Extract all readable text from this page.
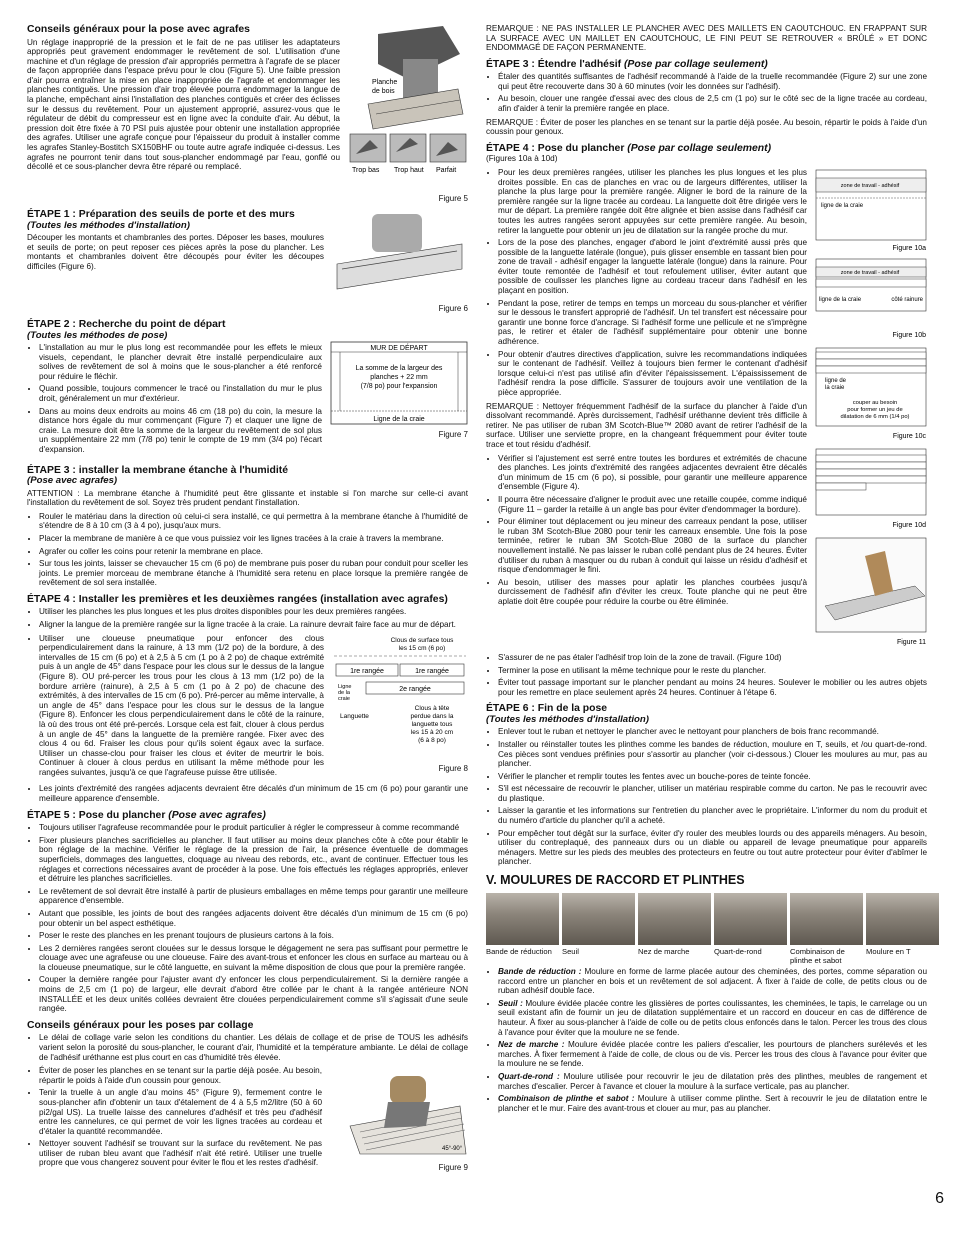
Conseils généraux pour la pose avec agrafes

Un réglage inapproprié de la pression et le fait de ne pas utiliser les adaptateurs appropriés peut gravement endommager le revêtement de sol. L'utilisation d'une machine et d'un réglage de pression d'air appropriés permettra à l'agrafe de se placer de façon appropriée dans l'espace prévu pour le clou (Figure 5). Une faible pression d'air pourra entraîner la mise en place inappropriée de l'agrafe et endommager les planches contiguës. Une pression d'air trop élevée pourra endommager la langue de la planche, empêchant ainsi l'installation des planches contiguës et créer des éclisses sur le dessus du revêtement. Pour un ajustement approprié, assurez-vous que le régulateur de débit du compresseur est en ligne avec la conduite d'air. Au début, la pression doit être fixée à 70 PSI puis ajustée pour obtenir une installation appropriée des agrafes. Utiliser une agrafe conçue pour l'épaisseur du produit à installer comme les agrafes Stanley-Bostitch SX150BHF ou toute autre agrafe indiquée ci-dessus. Les agrafes ne pourront tenir dans tout sous-plancher endommagé par l'eau, gonflé ou décollé et ce sous-plancher devra être réparé ou remplacé.

Planche
de bois
Trop bas Trop haut Parfait
Figure 5
ÉTAPE 1 : Préparation des seuils de porte et des murs
(Toutes les méthodes d'installation)

Découper les montants et chambranles des portes. Déposer les bases, moulures et seuils de porte; on peut reposer ces pièces après la pose du plancher. Les montants et chambranles doivent être découpés pour éviter les découpes difficiles (Figure 6).

Figure 6
ÉTAPE 2 : Recherche du point de départ
(Toutes les méthodes de pose)
• L'installation au mur le plus long est recommandée pour les effets le mieux visuels, cependant, le plancher devrait être installé perpendiculaire aux solives de revêtement de sol à moins que le sous-plancher a été renforcé pour réduire le fléchir.
• Quand possible, toujours commencer le tracé ou l'installation du mur le plus droit, généralement un mur d'extérieur.
• Dans au moins deux endroits au moins 46 cm (18 po) du coin, la mesure la distance hors égale du mur commençant (Figure 7) et claquer une ligne de craie. La mesure doit être la somme de la largeur du revêtement de sol plus un supplémentaire 22 mm (7/8 po) tenir le compte de 19 mm (3/4 po) l'écart d'expansion.
MUR DE DÉPART
La somme de la largeur des
planches + 22 mm
(7/8 po) pour l'expansion
Ligne de la craie
Figure 7
ÉTAPE 3 : installer la membrane étanche à l'humidité
(Pose avec agrafes)

ATTENTION : La membrane étanche à l'humidité peut être glissante et instable si l'on marche sur celle-ci avant l'installation du revêtement de sol. Soyez très prudent pendant l'installation.

• Rouler le matériau dans la direction où celui-ci sera installé, ce qui permettra à la membrane étanche à l'humidité de s'étendre de 8 à 10 cm (3 à 4 po), jusqu'aux murs.
• Placer la membrane de manière à ce que vous puissiez voir les lignes tracées à la craie à travers la membrane.
• Agrafer ou coller les coins pour retenir la membrane en place.
• Sur tous les joints, laisser se chevaucher 15 cm (6 po) de membrane puis poser du ruban pour conduit pour sceller les joints. Le premier morceau de membrane étanche à l'humidité sera retenu en place lorsque la première rangée de revêtement de sol sera installée.
ÉTAPE 4 : Installer les premières et les deuxièmes rangées (installation avec agrafes)
• Utiliser les planches les plus longues et les plus droites disponibles pour les deux premières rangées.
• Aligner la langue de la première rangée sur la ligne tracée à la craie. La rainure devrait faire face au mur de départ.
• Utiliser une cloueuse pneumatique pour enfoncer des clous perpendiculairement dans la rainure, à 13 mm (1/2 po) de la bordure, à des intervalles de 15 cm (6 po) et à 2,5 à 5 cm (1 po à 2 po) de chaque extrémité puis à un angle de 45° dans l'espace pour les clous sur le dessus de la langue (Figure 8). OU pré-percer les trous pour les clous à 13 mm (1/2 po) de la bordure arrière (rainure), à 2,5 à 5 cm (1 po à 2 po) de chacune des extrémités, à des intervalles de 15 cm (6 po). Pré-percer au même intervalle, à un angle de 45° dans l'espace pour les clous sur le dessus de la langue (Figure 8). Enfoncer les clous perpendiculairement dans le côté de la rainure, là où des trous ont été pré-percés. Lorsque cela est fait, clouer à clous perdus à un angle de 45° dans la languette de la première rangée. Fixer avec des clous 4 ou 6d. Fraiser les clous pour qu'ils soient égaux avec la surface. Utiliser un chasse-clou pour fraiser les clous et éviter de meurtrir le bois. Continuer à clouer à clous perdus en utilisant la même méthode pour les rangées suivantes, jusqu'à ce que l'agrafeuse puisse être utilisée.
Clous de surface tous
les 15 cm (6 po)
1re rangée	1re rangée
2e rangée
Ligne
de la
craie
Languette
Clous à tête
perdue dans la
languette tous
les 15 à 20 cm
(6 à 8 po)
Figure 8
• Les joints d'extrémité des rangées adjacents devraient être décalés d'un minimum de 15 cm (6 po) pour garantir une meilleure apparence d'ensemble.
ÉTAPE 5 : Pose du plancher (Pose avec agrafes)
• Toujours utiliser l'agrafeuse recommandée pour le produit particulier à régler le compresseur à comme recommandé
• Fixer plusieurs planches sacrificielles au plancher. Il faut utiliser au moins deux planches côte à côte pour établir le bon réglage de la machine. Vérifier le réglage de la pression de l'air, la présence éventuelle de dommages superficiels, dommages des languettes, cloquage au niveau des rebords, etc., avant de continuer. Effectuer tous les réglages et corrections nécessaires avant de procéder à la pose. Une fois effectués les réglages appropriés, enlever et détruire les planches sacrificielles.
• Le revêtement de sol devrait être installé à partir de plusieurs emballages en même temps pour garantir une meilleure apparence d'ensemble.
• Autant que possible, les joints de bout des rangées adjacents doivent être décalés d'un minimum de 15 cm (6 po) pour obtenir un bel aspect esthétique.
• Poser le reste des planches en les prenant toujours de plusieurs cartons à la fois.
• Les 2 dernières rangées seront clouées sur le dessus lorsque le dégagement ne sera pas suffisant pour permettre le clouage avec une agrafeuse ou une cloueuse. Faire des avant-trous et enfoncer les clous en surface au marteau ou à la cloueuse pneumatique, sur le côté languette, en suivant la même disposition de clous que pour la première rangée.
• Couper la dernière rangée pour l'ajuster avant d'y enfoncer les clous perpendiculairement. Si la dernière rangée a moins de 2,5 cm (1 po) de largeur, elle devrait d'abord être collée par le chant à la rangée antérieure NON INSTALLÉE et les deux unités collées devraient être clouées perpendiculairement comme s'il s'agissait d'une seule rangée.
Conseils généraux pour les poses par collage
• Le délai de collage varie selon les conditions du chantier. Les délais de collage et de prise de TOUS les adhésifs varient selon la porosité du sous-plancher, le courant d'air, l'humidité et la température ambiante. Le délai de collage de l'adhésif uréthanne est plus court en cas d'humidité très élevée.
• Éviter de poser les planches en se tenant sur la partie déjà posée. Au besoin, répartir le poids à l'aide d'un coussin pour genoux.
• Tenir la truelle à un angle d'au moins 45° (Figure 9), fermement contre le sous-plancher afin d'obtenir un taux d'étalement de 4 à 5,5 m2/litre (50 à 60 pi2/gal US). La truelle laisse des cannelures d'adhésif et très peu d'adhésif entre les cannelures, ce qui permet de voir les lignes tracées au cordeau et d'étaler la quantité recommandée.
• Nettoyer souvent l'adhésif se trouvant sur la surface du revêtement. Ne pas utiliser de ruban bleu avant que l'adhésif n'ait été retiré. Utiliser une truelle propre que vous changerez souvent pour éviter le flou et les restes d'adhésif.
45°-90°
Figure 9

REMARQUE : NE PAS INSTALLER LE PLANCHER AVEC DES MAILLETS EN CAOUTCHOUC. EN FRAPPANT SUR LA SURFACE AVEC UN MAILLET EN CAOUTCHOUC, LE FINI PEUT SE RETROUVER « BRÛLÉ » ET DONC ENDOMMAGÉ DE FAÇON PERMANENTE.

ÉTAPE 3 : Étendre l'adhésif (Pose par collage seulement)
• Étaler des quantités suffisantes de l'adhésif recommandé à l'aide de la truelle recommandée (Figure 2) sur une zone qui peut être recouverte dans 30 à 60 minutes (voir les données sur l'adhésif).
• Au besoin, clouer une rangée d'essai avec des clous de 2,5 cm (1 po) sur le côté sec de la ligne tracée au cordeau, afin d'aider à tenir la première rangée en place.

REMARQUE : Éviter de poser les planches en se tenant sur la partie déjà posée. Au besoin, répartir le poids à l'aide d'un coussin pour genoux.

ÉTAPE 4 : Pose du plancher (Pose par collage seulement)

(Figures 10a à 10d)

• Pour les deux premières rangées, utiliser les planches les plus longues et les plus droites possible. En cas de planches en vrac ou de largeurs différentes, utiliser la planche la plus large pour la première rangée. Aligner le bord de la rainure de la première rangée sur la ligne tracée au cordeau. La languette doit être dirigée vers le mur de départ. La première rangée doit être alignée et bien assise dans l'adhésif car toutes les autres rangées seront appuyées sur cette première rangée. Au besoin, retirer la languette pour obtenir un jeu de dilatation sur la rangée proche du mur.
• Lors de la pose des planches, engager d'abord le joint d'extrémité aussi près que possible de la languette latérale (longue), puis glisser ensemble en tassant bien pour zone de travail - adhésif engager la languette latérale (longue) dans la rainure. Pour éviter toute remontée de l'adhésif et tout refoulement utiliser, éviter autant que possible de coulisser les planches ligne au cordeau traceur dans l'adhésif en les plaçant en position.
• Pendant la pose, retirer de temps en temps un morceau du sous-plancher et vérifier sur le dessous le transfert approprié de l'adhésif. Un tel transfert est nécessaire pour garantir une bonne force d'ancrage. Si l'adhésif forme une pellicule et ne s'imprègne pas, le retirer et étaler de l'adhésif supplémentaire pour obtenir une bonne adhérence.
• Pour obtenir d'autres directives d'application, suivre les recommandations indiquées sur le contenant de l'adhésif. Veillez à toujours bien fermer le contenant d'adhésif lorsque celui-ci n'est pas utilisé afin d'éviter l'épaississement. L'épaississement de l'adhésif rendra la pose difficile. S'assurer de toujours avoir une ventilation de la pièce appropriée.

REMARQUE : Nettoyer fréquemment l'adhésif de la surface du plancher à l'aide d'un dissolvant recommandé. Après durcissement, l'adhésif uréthanne devient très difficile à retirer. Ne pas utiliser de ruban 3M Scotch-Blue™ 2080 avant de retirer l'adhésif de la surface. Utiliser une serviette propre, en la changeant fréquemment pour éviter toute trace et tout résidu d'adhésif.

• Vérifier si l'ajustement est serré entre toutes les bordures et extrémités de chacune des planches. Les joints d'extrémité des rangées adjacentes devraient être décalés d'un minimum de 15 cm (6 po), si possible, pour garantir une meilleure apparence d'ensemble (Figure 4).
• Il pourra être nécessaire d'aligner le produit avec une retaille coupée, comme indiqué (Figure 11 – garder la retaille à un angle bas pour éviter d'endommager la bordure).
• Pour éliminer tout déplacement ou jeu mineur des carreaux pendant la pose, utiliser le ruban 3M Scotch-Blue 2080 pour tenir les carreaux ensemble. Une fois la pose terminée, retirer le ruban 3M Scotch-Blue 2080 de la surface du plancher nouvellement installé. Ne pas laisser le ruban collé pendant plus de 24 heures. Éviter d'utiliser du ruban à masquer ou du ruban à conduit qui laisse un résidu d'adhésif et risque d'endommager le fini.
• Au besoin, utiliser des masses pour aplatir les planches courbées jusqu'à durcissement de l'adhésif afin d'éviter les creux. Toute planche qui ne peut être aplatie doit être coupée pour réduire la courbe ou être éliminée.
zone de travail - adhésif
ligne de la craie
Figure 10a

zone de travail - adhésif
ligne de la craie	côté rainure
Figure 10b

ligne de
la craie
couper au besoin
pour former un jeu de
dilatation de 6 mm (1/4 po)
Figure 10c

Figure 10d

Figure 11
• S'assurer de ne pas étaler l'adhésif trop loin de la zone de travail. (Figure 10d)
• Terminer la pose en utilisant la même technique pour le reste du plancher.
• Éviter tout passage important sur le plancher pendant au moins 24 heures. Soulever le mobilier ou les autres objets pour les remettre en place seulement après 24 heures. Continuer à l'étape 6.
ÉTAPE 6 : Fin de la pose
(Toutes les méthodes d'installation)
• Enlever tout le ruban et nettoyer le plancher avec le nettoyant pour planchers de bois franc recommandé.
• Installer ou réinstaller toutes les plinthes comme les bandes de réduction, moulure en T, seuils, et /ou quart-de-rond. Ces pièces sont vendues préfinies pour s'assortir au plancher (voir ci-dessous.) Clouer les moulures au mur, pas au plancher.
• Vérifier le plancher et remplir toutes les fentes avec un bouche-pores de teinte foncée.
• S'il est nécessaire de recouvrir le plancher, utiliser un matériau respirable comme du carton. Ne pas le recouvrir avec du plastique.
• Laisser la garantie et les informations sur l'entretien du plancher avec le propriétaire. L'informer du nom du produit et du numéro d'article du plancher qu'il a acheté.
• Pour empêcher tout dégât sur la surface, éviter d'y rouler des meubles lourds ou des appareils ménagers. Au besoin, utiliser du contreplaqué, des panneaux durs ou un diable ou appareil de levage pneumatique pour appareils ménagers. Mettre sur les pieds des meubles des protecteurs en feutre ou tout autre protecteur pour éviter d'abîmer le plancher.
V. MOULURES DE RACCORD ET PLINTHES
Bande de réduction	Seuil	Nez de marche	Quart-de-rond	Combinaison de plinthe et sabot
Moulure en T
• Bande de réduction : Moulure en forme de larme placée autour des cheminées, des portes, comme séparation ou raccord entre un plancher en bois et un revêtement de sol adjacent. À fixer à l'aide de colle, de petits clous ou de ruban adhésif double face.
• Seuil : Moulure évidée placée contre les glissières de portes coulissantes, les cheminées, le tapis, le carrelage ou un seuil existant afin de fournir un jeu de dilatation supplémentaire et un raccord en douceur en cas de différence de hauteur. À fixer au sous-plancher à l'aide de colle ou de petits clous enfoncés dans le talon. Percer les trous des clous à l'avance pour éviter que la moulure ne se fende.
• Nez de marche : Moulure évidée placée contre les paliers d'escalier, les pourtours de planchers surélevés et les marches. À fixer fermement à l'aide de colle, de clous ou de vis. Percer les trous des clous à l'avance pour éviter que la moulure ne se fende.
• Quart-de-rond : Moulure utilisée pour recouvrir le jeu de dilatation près des plinthes, meubles de rangement et marches d'escalier. Percer à l'avance et clouer la moulure à la surface verticale, pas au plancher.
• Combinaison de plinthe et sabot : Moulure à utiliser comme plinthe. Sert à recouvrir le jeu de dilatation entre le plancher et le mur. Faire des avant-trous et clouer au mur, pas au plancher.
6
